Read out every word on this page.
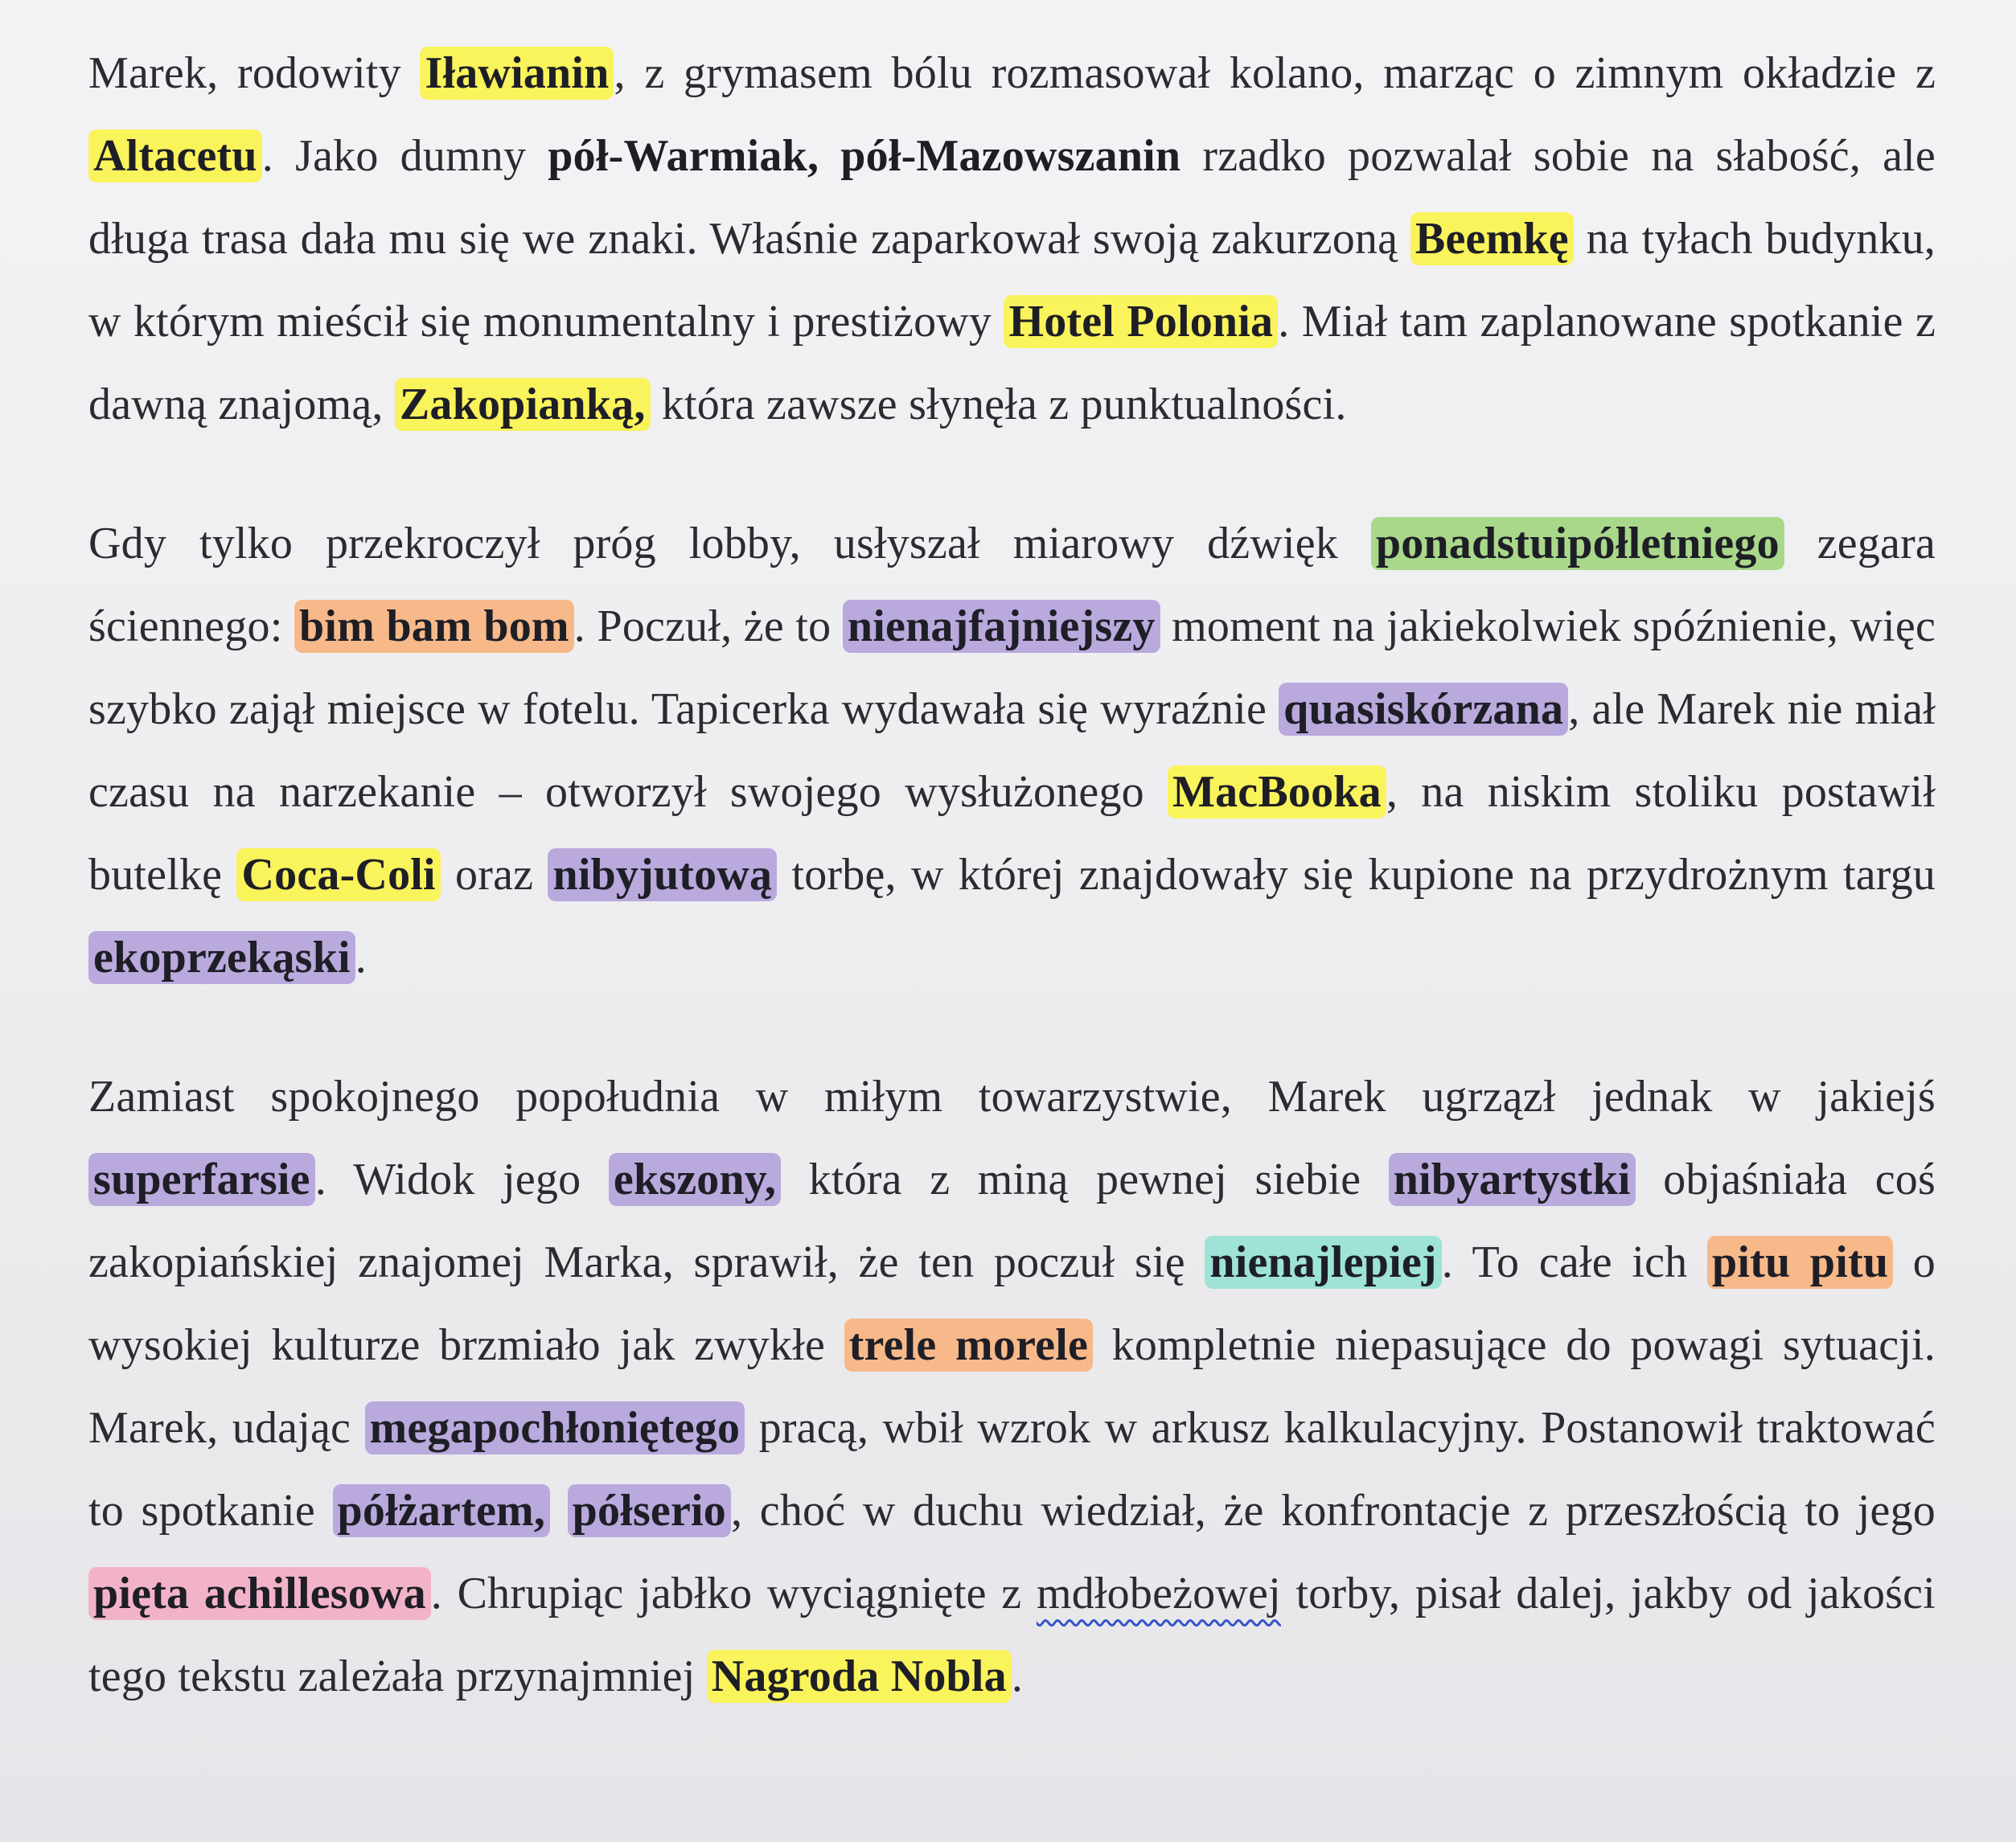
Marek, rodowity Iławianin , z grymasem bólu rozmasował kolano, marząc o zimnym okładzie z Altacetu . Jako dumny pół-Warmiak, pół-Mazowszanin rzadko pozwalał sobie na słabość, ale długa trasa dała mu się we znaki. Właśnie zaparkował swoją zakurzoną Beemkę na tyłach budynku, w którym mieścił się monumentalny i prestiżowy Hotel Polonia . Miał tam zaplanowane spotkanie z dawną znajomą, Zakopianką, która zawsze słynęła z punktualności.

Gdy tylko przekroczył próg lobby, usłyszał miarowy dźwięk ponadstuipółletniego zegara ściennego: bim bam bom . Poczuł, że to nienajfajniejszy moment na jakiekolwiek spóźnienie, więc szybko zajął miejsce w fotelu. Tapicerka wydawała się wyraźnie quasiskórzana , ale Marek nie miał czasu na narzekanie – otworzył swojego wysłużonego MacBooka , na niskim stoliku postawił butelkę Coca-Coli oraz nibyjutową torbę, w której znajdowały się kupione na przydrożnym targu ekoprzekąski .

Zamiast spokojnego popołudnia w miłym towarzystwie, Marek ugrzązł jednak w jakiejś superfarsie . Widok jego ekszony, która z miną pewnej siebie nibyartystki objaśniała coś zakopiańskiej znajomej Marka, sprawił, że ten poczuł się nienajlepiej . To całe ich pitu pitu o wysokiej kulturze brzmiało jak zwykłe trele morele kompletnie niepasujące do powagi sytuacji. Marek, udając megapochłoniętego pracą, wbił wzrok w arkusz kalkulacyjny. Postanowił traktować to spotkanie półżartem, półserio , choć w duchu wiedział, że konfrontacje z przeszłością to jego pięta achillesowa . Chrupiąc jabłko wyciągnięte z mdłobeżowej torby, pisał dalej, jakby od jakości tego tekstu zależała przynajmniej Nagroda Nobla .
